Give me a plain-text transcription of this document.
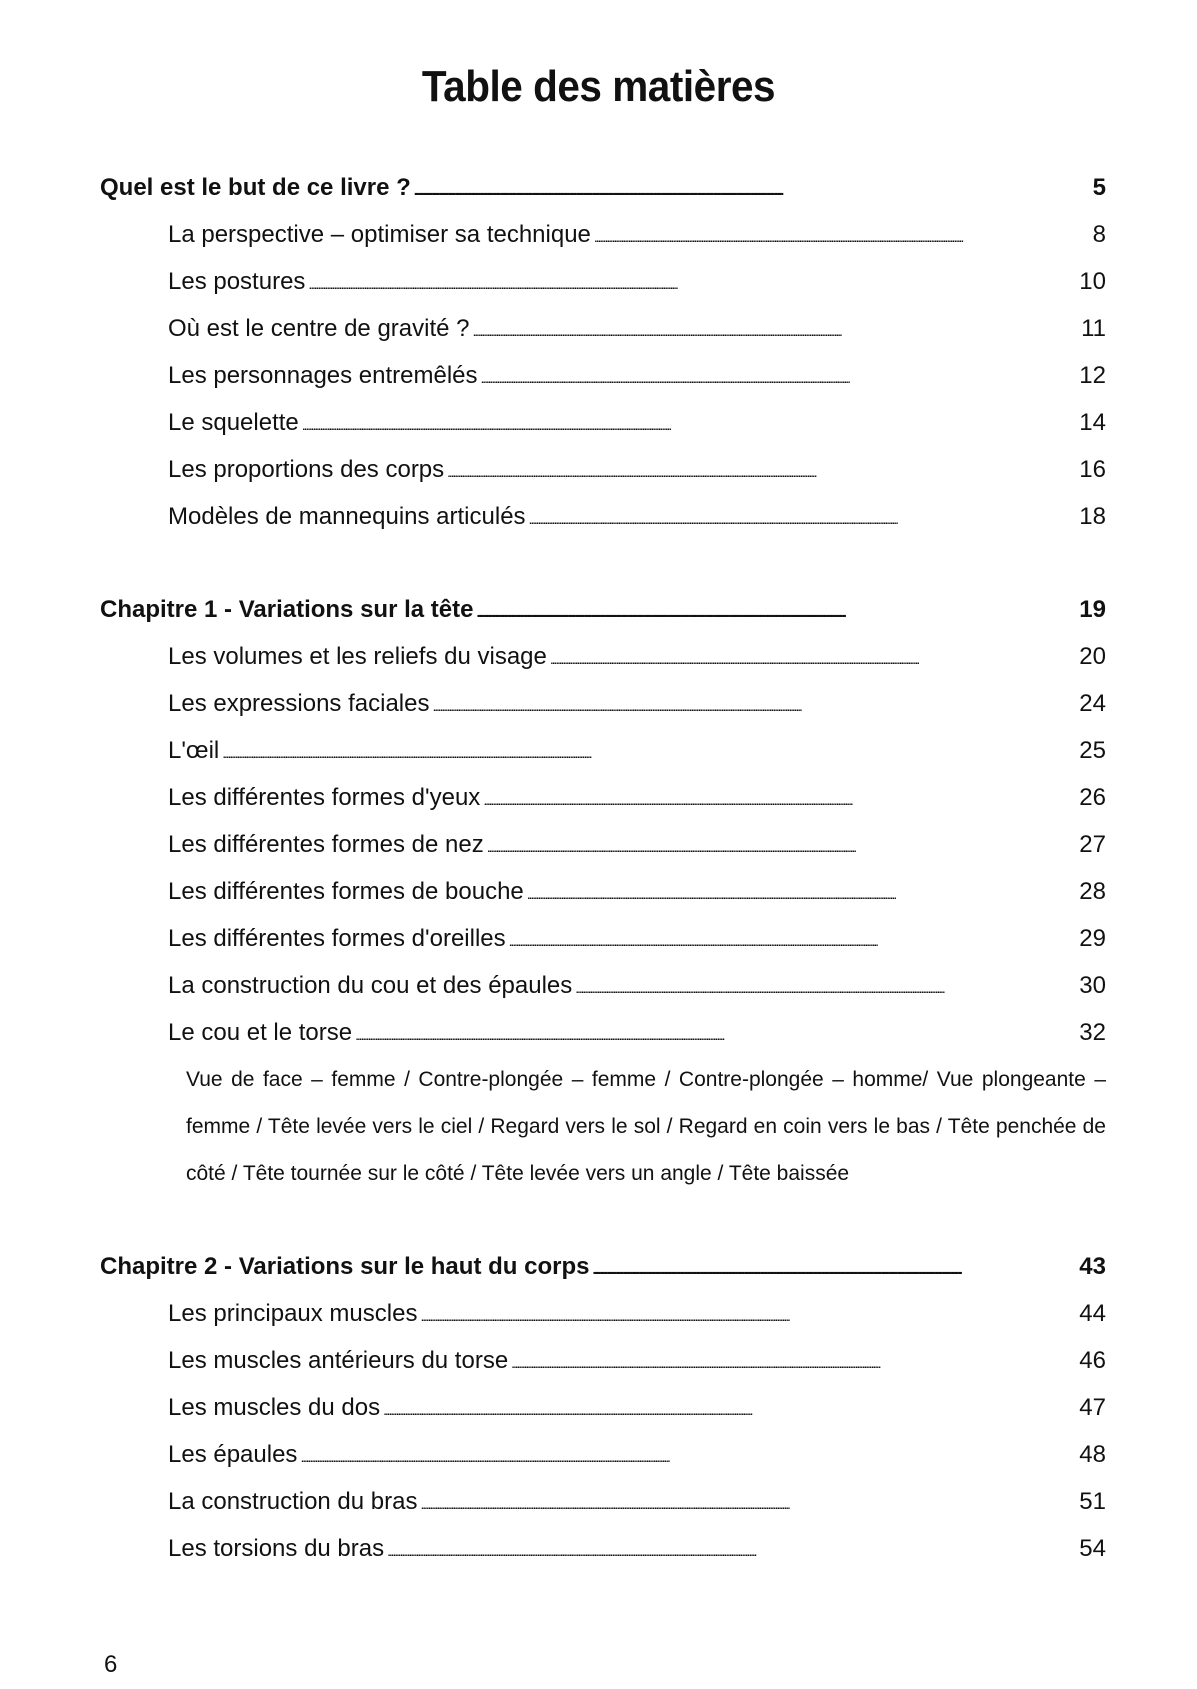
Table des matières
Quel est le but de ce livre ? . . .	5
La perspective – optimiser sa technique . . .	8
Les postures . . .	10
Où est le centre de gravité ? . . .	11
Les personnages entremêlés . . .	12
Le squelette . . .	14
Les proportions des corps . . .	16
Modèles de mannequins articulés . . .	18
Chapitre 1 - Variations sur la tête . . .	19
Les volumes et les reliefs du visage . . .	20
Les expressions faciales . . .	24
L'œil . . .	25
Les différentes formes d'yeux . . .	26
Les différentes formes de nez . . .	27
Les différentes formes de bouche . . .	28
Les différentes formes d'oreilles . . .	29
La construction du cou et des épaules . . .	30
Le cou et le torse . . .	32
Vue de face – femme / Contre-plongée – femme / Contre-plongée – homme/ Vue plongeante – femme / Tête levée vers le ciel / Regard vers le sol / Regard en coin vers le bas / Tête penchée de côté / Tête tournée sur le côté / Tête levée vers un angle / Tête baissée
Chapitre 2 - Variations sur le haut du corps . . .	43
Les principaux muscles . . .	44
Les muscles antérieurs du torse . . .	46
Les muscles du dos . . .	47
Les épaules . . .	48
La construction du bras . . .	51
Les torsions du bras . . .	54
6
